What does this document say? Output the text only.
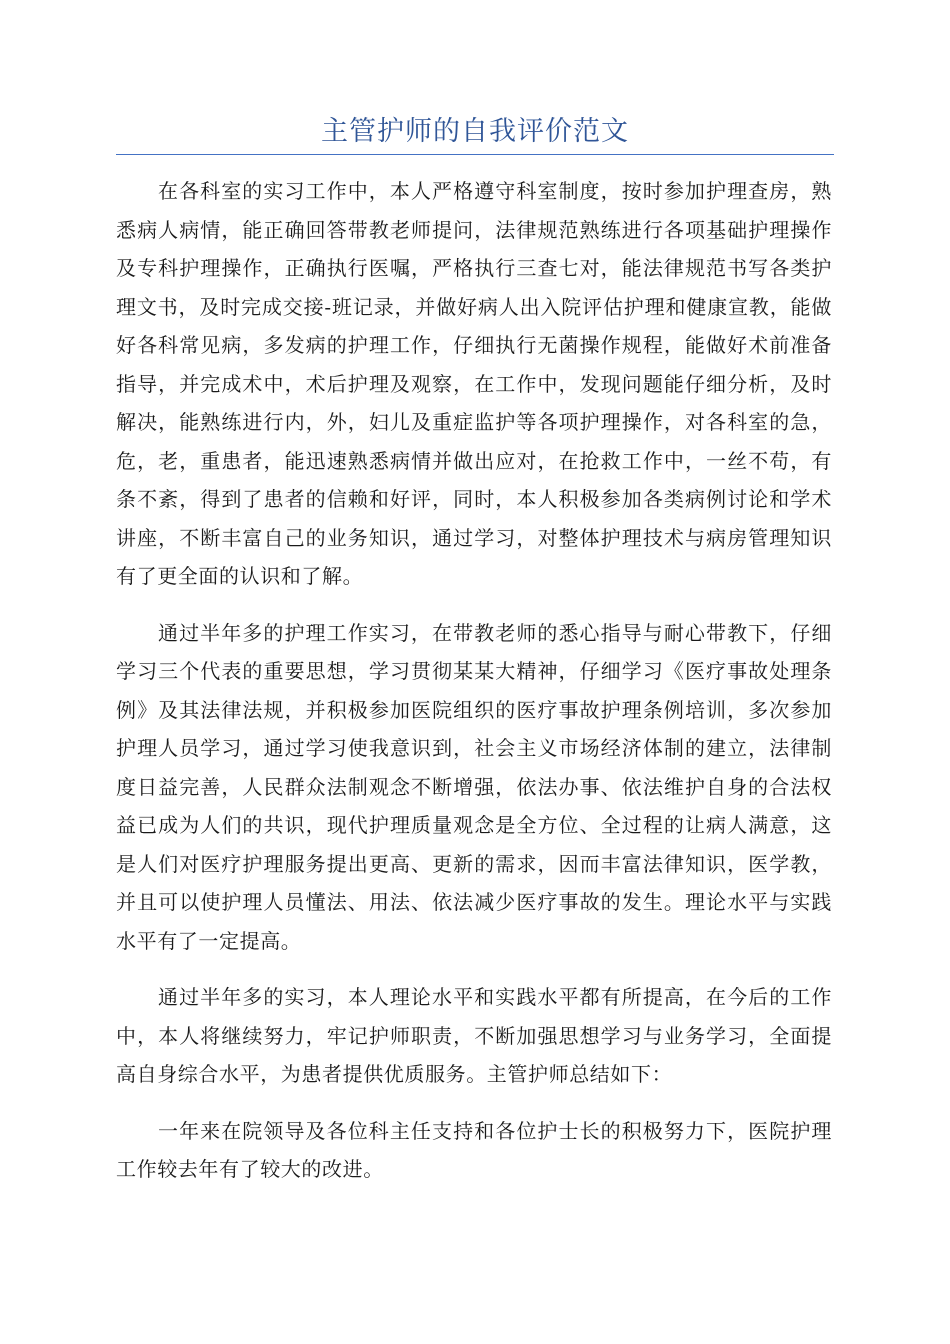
主管护师的自我评价范文

在各科室的实习工作中，本人严格遵守科室制度，按时参加护理查房，熟悉病人病情，能正确回答带教老师提问，法律规范熟练进行各项基础护理操作及专科护理操作，正确执行医嘱，严格执行三查七对，能法律规范书写各类护理文书，及时完成交接-班记录，并做好病人出入院评估护理和健康宣教，能做好各科常见病，多发病的护理工作，仔细执行无菌操作规程，能做好术前准备指导，并完成术中，术后护理及观察，在工作中，发现问题能仔细分析，及时解决，能熟练进行内，外，妇儿及重症监护等各项护理操作，对各科室的急，危，老，重患者，能迅速熟悉病情并做出应对，在抢救工作中，一丝不苟，有条不紊，得到了患者的信赖和好评，同时，本人积极参加各类病例讨论和学术讲座，不断丰富自己的业务知识，通过学习，对整体护理技术与病房管理知识有了更全面的认识和了解。

通过半年多的护理工作实习，在带教老师的悉心指导与耐心带教下，仔细学习三个代表的重要思想，学习贯彻某某大精神，仔细学习《医疗事故处理条例》及其法律法规，并积极参加医院组织的医疗事故护理条例培训，多次参加护理人员学习，通过学习使我意识到，社会主义市场经济体制的建立，法律制度日益完善，人民群众法制观念不断增强，依法办事、依法维护自身的合法权益已成为人们的共识，现代护理质量观念是全方位、全过程的让病人满意，这是人们对医疗护理服务提出更高、更新的需求，因而丰富法律知识，医学教，并且可以使护理人员懂法、用法、依法减少医疗事故的发生。理论水平与实践水平有了一定提高。

通过半年多的实习，本人理论水平和实践水平都有所提高，在今后的工作中，本人将继续努力，牢记护师职责，不断加强思想学习与业务学习，全面提高自身综合水平，为患者提供优质服务。主管护师总结如下：

一年来在院领导及各位科主任支持和各位护士长的积极努力下，医院护理工作较去年有了较大的改进。
